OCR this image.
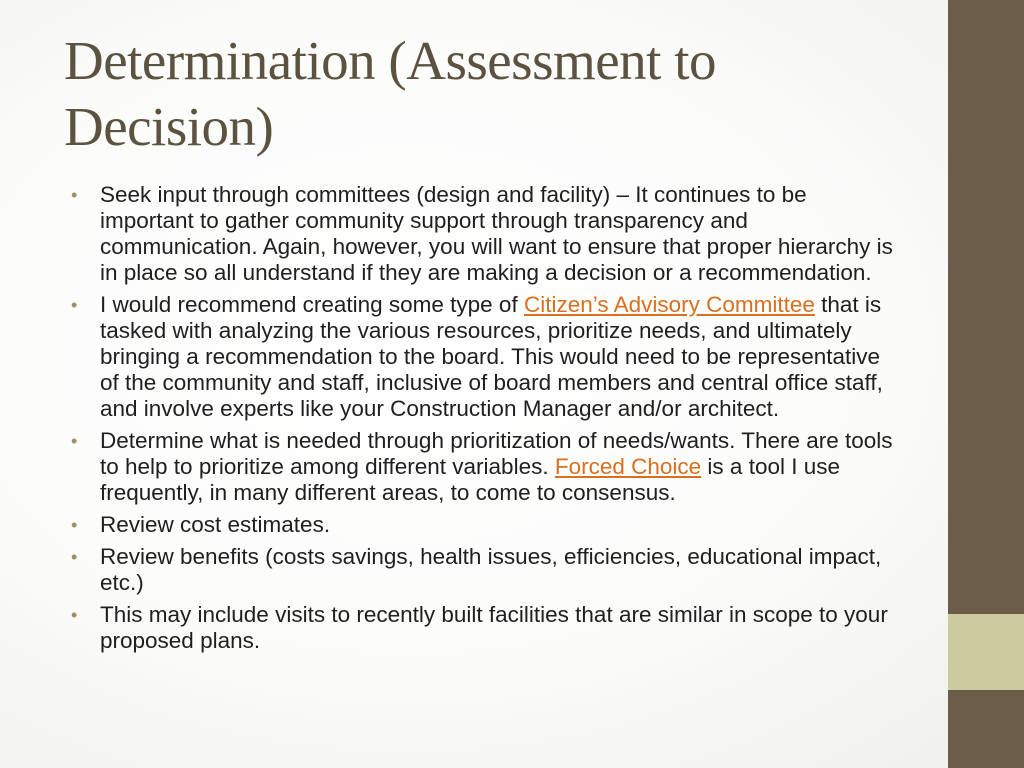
Determination (Assessment to Decision)
• Seek input through committees (design and facility) – It continues to be important to gather community support through transparency and communication. Again, however, you will want to ensure that proper hierarchy is in place so all understand if they are making a decision or a recommendation.
• I would recommend creating some type of Citizen’s Advisory Committee that is tasked with analyzing the various resources, prioritize needs, and ultimately bringing a recommendation to the board. This would need to be representative of the community and staff, inclusive of board members and central office staff, and involve experts like your Construction Manager and/or architect.
• Determine what is needed through prioritization of needs/wants. There are tools to help to prioritize among different variables. Forced Choice is a tool I use frequently, in many different areas, to come to consensus.
• Review cost estimates.
• Review benefits (costs savings, health issues, efficiencies, educational impact, etc.)
• This may include visits to recently built facilities that are similar in scope to your proposed plans.
